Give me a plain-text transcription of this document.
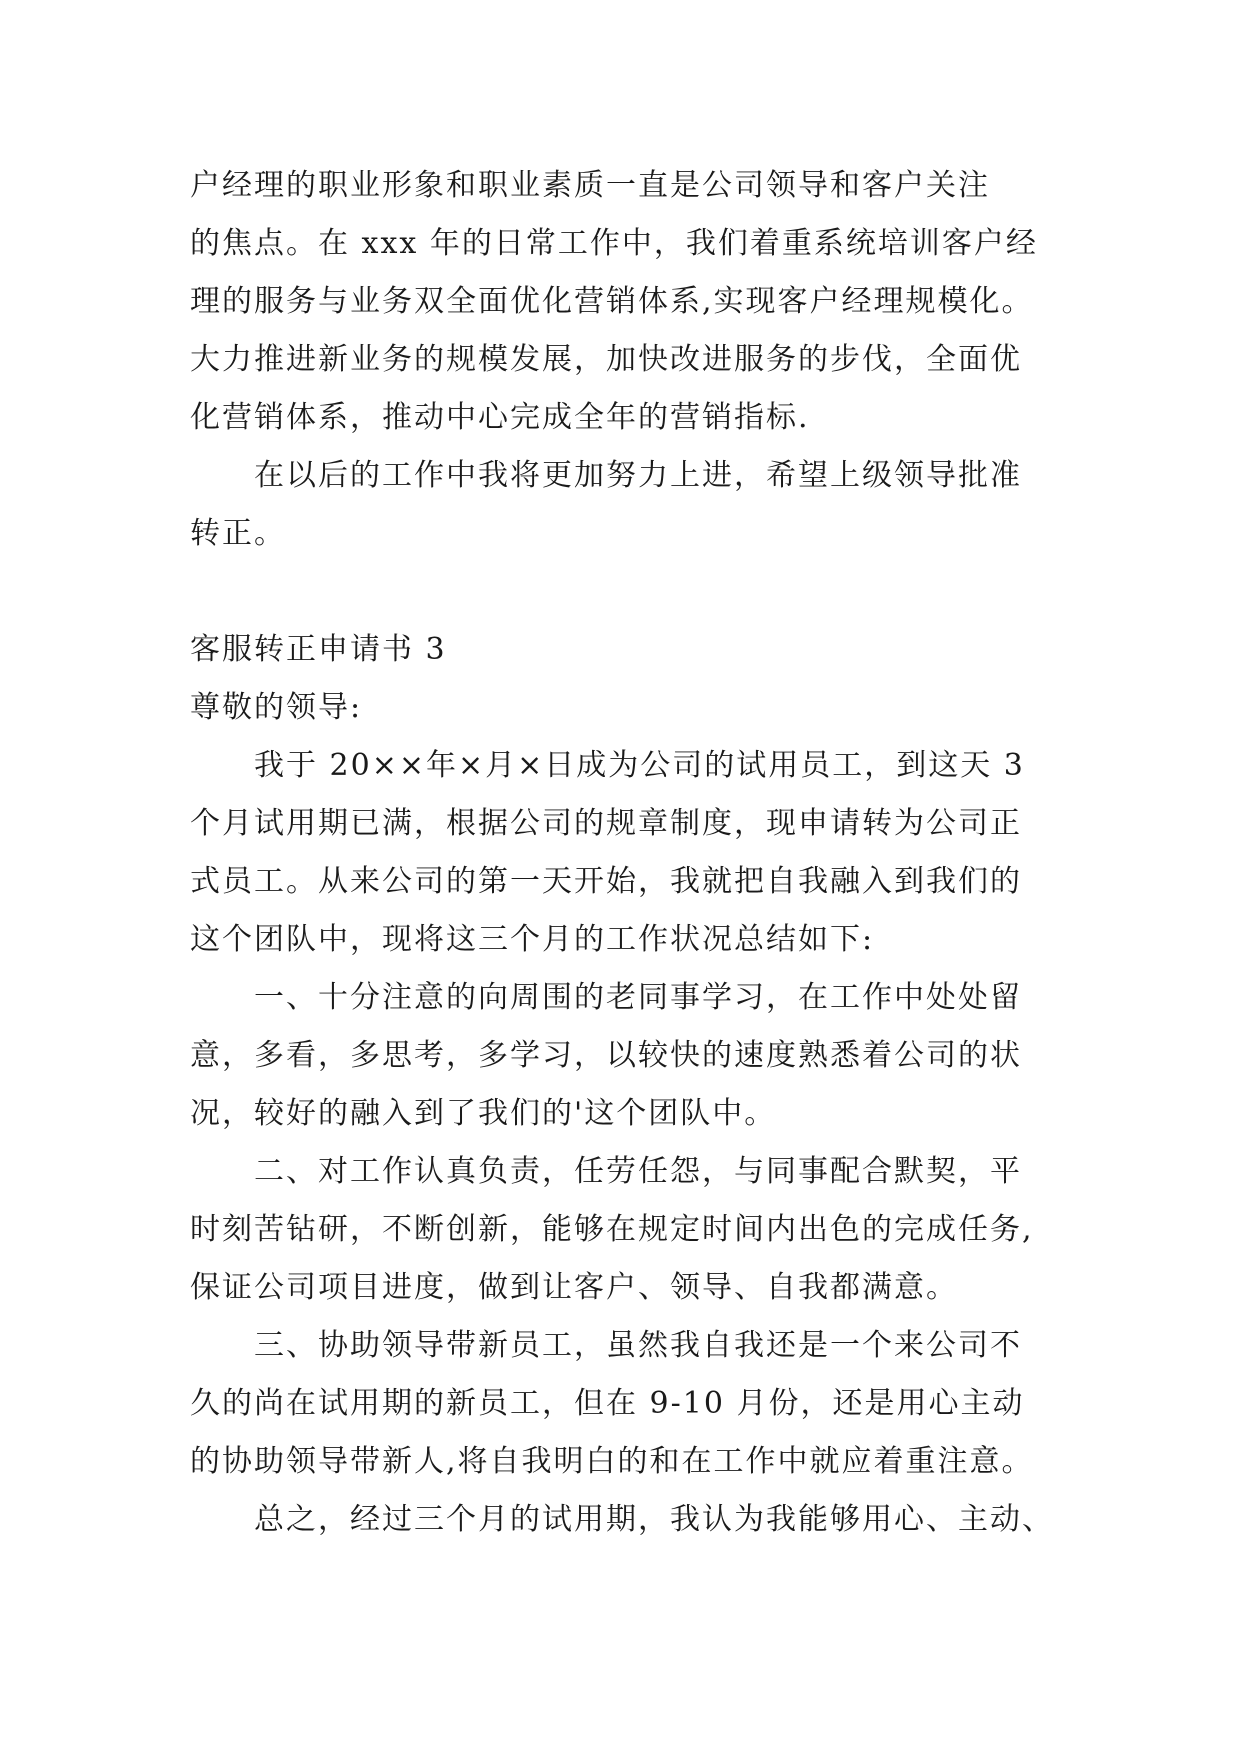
户经理的职业形象和职业素质一直是公司领导和客户关注
的焦点。在 xxx 年的日常工作中，我们着重系统培训客户经
理的服务与业务双全面优化营销体系,实现客户经理规模化。
大力推进新业务的规模发展，加快改进服务的步伐，全面优
化营销体系，推动中心完成全年的营销指标.
在以后的工作中我将更加努力上进，希望上级领导批准
转正。
客服转正申请书 3
尊敬的领导:
我于 20××年×月×日成为公司的试用员工，到这天 3
个月试用期已满，根据公司的规章制度，现申请转为公司正
式员工。从来公司的第一天开始，我就把自我融入到我们的
这个团队中，现将这三个月的工作状况总结如下:
一、十分注意的向周围的老同事学习，在工作中处处留
意，多看，多思考，多学习，以较快的速度熟悉着公司的状
况，较好的融入到了我们的'这个团队中。
二、对工作认真负责，任劳任怨，与同事配合默契，平
时刻苦钻研，不断创新，能够在规定时间内出色的完成任务,
保证公司项目进度，做到让客户、领导、自我都满意。
三、协助领导带新员工，虽然我自我还是一个来公司不
久的尚在试用期的新员工，但在 9-10 月份，还是用心主动
的协助领导带新人,将自我明白的和在工作中就应着重注意。
总之，经过三个月的试用期，我认为我能够用心、主动、
